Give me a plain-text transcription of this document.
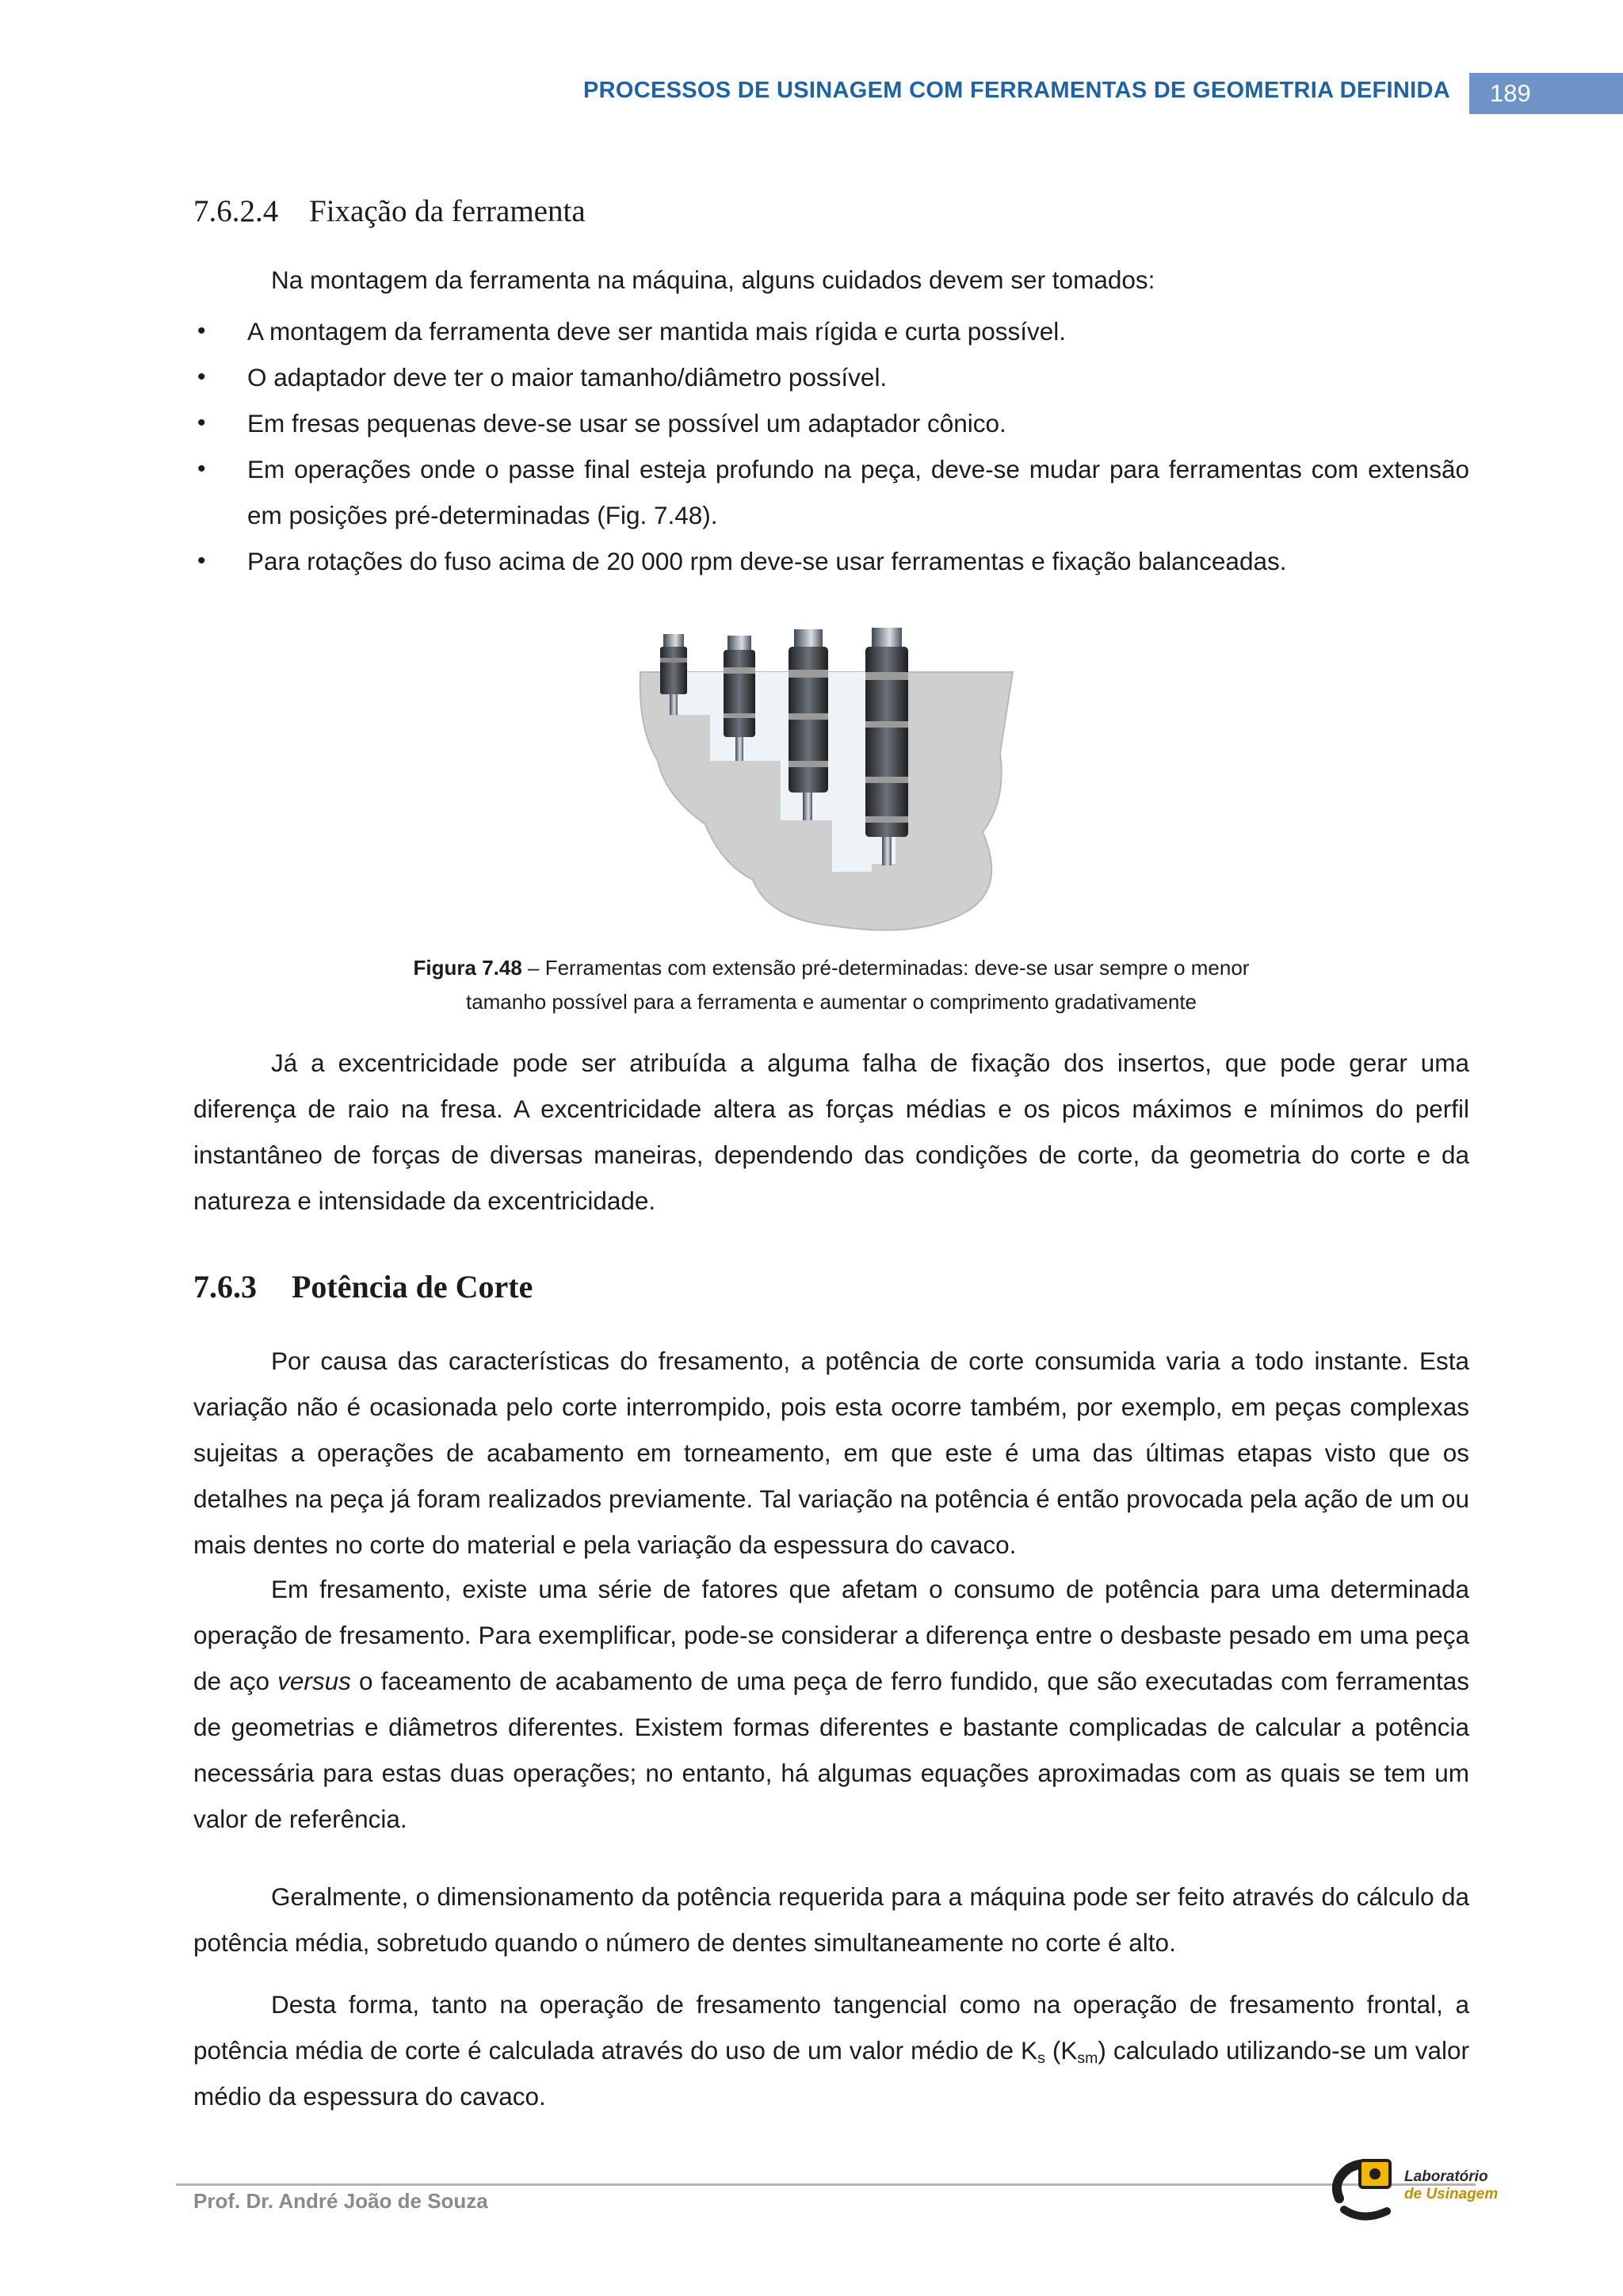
PROCESSOS DE USINAGEM COM FERRAMENTAS DE GEOMETRIA DEFINIDA	189
7.6.2.4 Fixação da ferramenta
Na montagem da ferramenta na máquina, alguns cuidados devem ser tomados:
• A montagem da ferramenta deve ser mantida mais rígida e curta possível.
• O adaptador deve ter o maior tamanho/diâmetro possível.
• Em fresas pequenas deve-se usar se possível um adaptador cônico.
• Em operações onde o passe final esteja profundo na peça, deve-se mudar para ferramentas com extensão em posições pré-determinadas (Fig. 7.48).
• Para rotações do fuso acima de 20 000 rpm deve-se usar ferramentas e fixação balanceadas.
Figura 7.48 – Ferramentas com extensão pré-determinadas: deve-se usar sempre o menor
tamanho possível para a ferramenta e aumentar o comprimento gradativamente
Já a excentricidade pode ser atribuída a alguma falha de fixação dos insertos, que pode gerar uma diferença de raio na fresa. A excentricidade altera as forças médias e os picos máximos e mínimos do perfil instantâneo de forças de diversas maneiras, dependendo das condições de corte, da geometria do corte e da natureza e intensidade da excentricidade.
7.6.3 Potência de Corte
Por causa das características do fresamento, a potência de corte consumida varia a todo instante. Esta variação não é ocasionada pelo corte interrompido, pois esta ocorre também, por exemplo, em peças complexas sujeitas a operações de acabamento em torneamento, em que este é uma das últimas etapas visto que os detalhes na peça já foram realizados previamente. Tal variação na potência é então provocada pela ação de um ou mais dentes no corte do material e pela variação da espessura do cavaco.
Em fresamento, existe uma série de fatores que afetam o consumo de potência para uma determinada operação de fresamento. Para exemplificar, pode-se considerar a diferença entre o desbaste pesado em uma peça de aço versus o faceamento de acabamento de uma peça de ferro fundido, que são executadas com ferramentas de geometrias e diâmetros diferentes. Existem formas diferentes e bastante complicadas de calcular a potência necessária para estas duas operações; no entanto, há algumas equações aproximadas com as quais se tem um valor de referência.
Geralmente, o dimensionamento da potência requerida para a máquina pode ser feito através do cálculo da potência média, sobretudo quando o número de dentes simultaneamente no corte é alto.
Desta forma, tanto na operação de fresamento tangencial como na operação de fresamento frontal, a potência média de corte é calculada através do uso de um valor médio de $K_s$ $(K_{sm})$ calculado utilizando-se um valor médio da espessura do cavaco.
Prof. Dr. André João de Souza
Laboratório
de Usinagem
